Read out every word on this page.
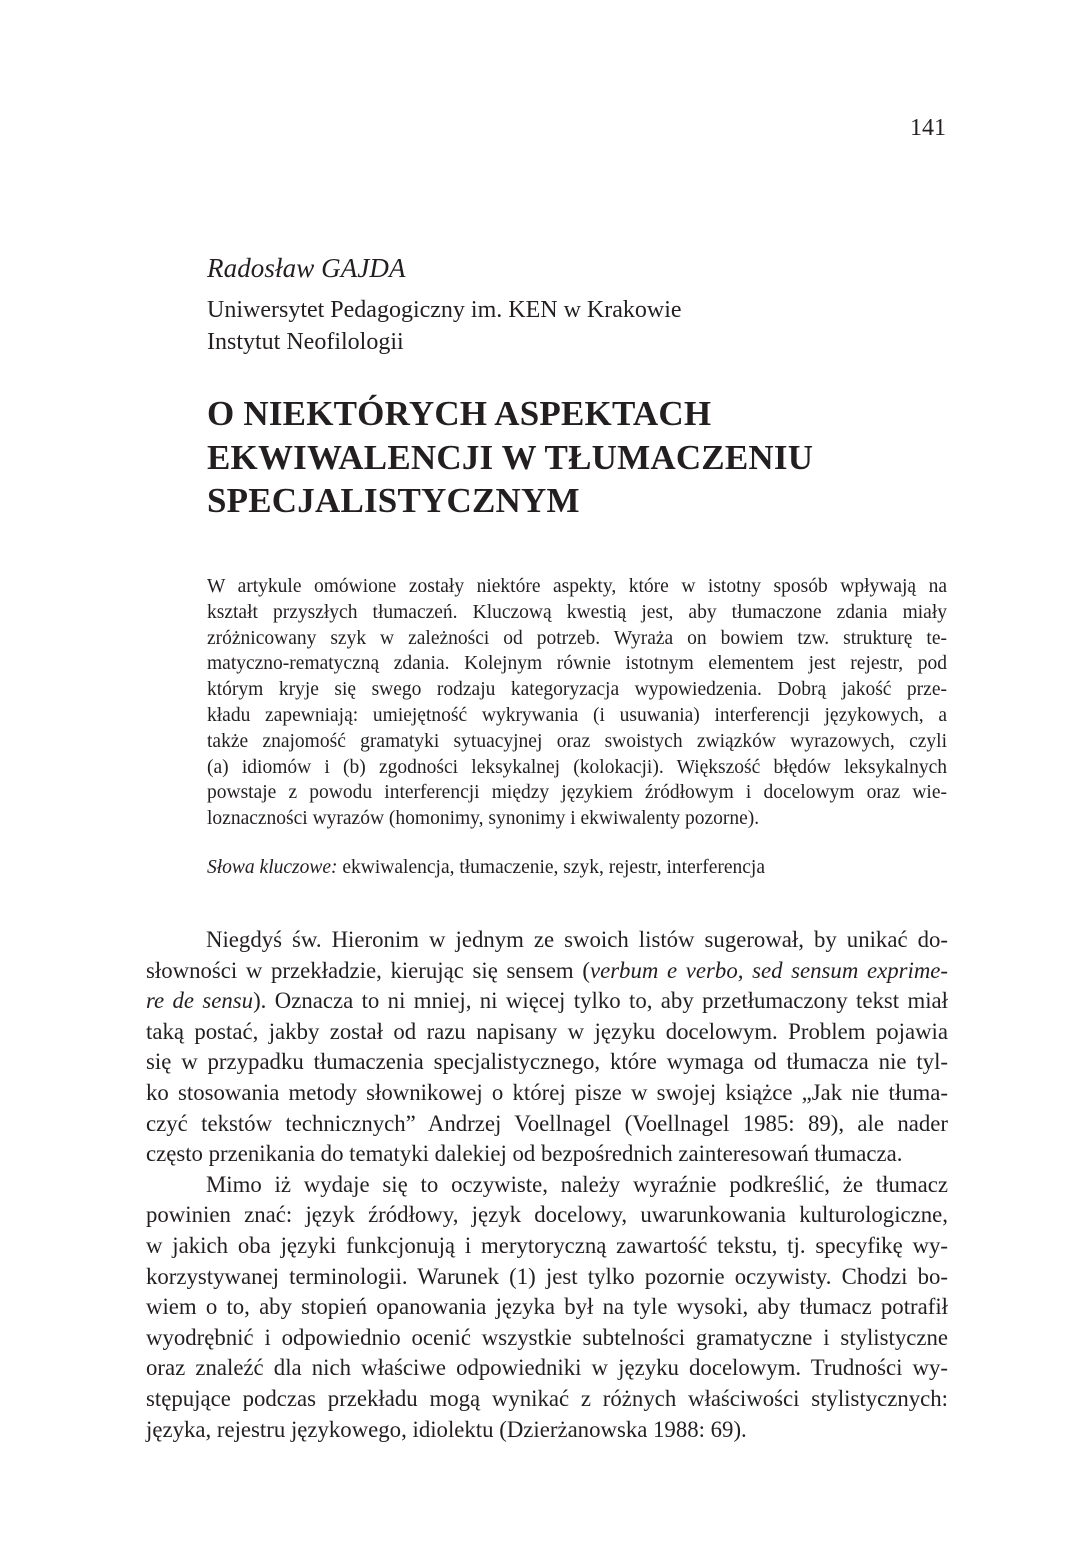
141

Radosław GAJDA

Uniwersytet Pedagogiczny im. KEN w Krakowie

Instytut Neofilologii

O NIEKTÓRYCH ASPEKTACH
EKWIWALENCJI W TŁUMACZENIU
SPECJALISTYCZNYM
W artykule omówione zostały niektóre aspekty, które w istotny sposób wpływają na
kształt przyszłych tłumaczeń. Kluczową kwestią jest, aby tłumaczone zdania miały
zróżnicowany szyk w zależności od potrzeb. Wyraża on bowiem tzw. strukturę te-
matyczno-rematyczną zdania. Kolejnym równie istotnym elementem jest rejestr, pod
którym kryje się swego rodzaju kategoryzacja wypowiedzenia. Dobrą jakość prze-
kładu zapewniają: umiejętność wykrywania (i usuwania) interferencji językowych, a
także znajomość gramatyki sytuacyjnej oraz swoistych związków wyrazowych, czyli
(a) idiomów i (b) zgodności leksykalnej (kolokacji). Większość błędów leksykalnych
powstaje z powodu interferencji między językiem źródłowym i docelowym oraz wie-
loznaczności wyrazów (homonimy, synonimy i ekwiwalenty pozorne).
Słowa kluczowe: ekwiwalencja, tłumaczenie, szyk, rejestr, interferencja
Niegdyś św. Hieronim w jednym ze swoich listów sugerował, by unikać do-
słowności w przekładzie, kierując się sensem (verbum e verbo, sed sensum exprime-
re de sensu). Oznacza to ni mniej, ni więcej tylko to, aby przetłumaczony tekst miał
taką postać, jakby został od razu napisany w języku docelowym. Problem pojawia
się w przypadku tłumaczenia specjalistycznego, które wymaga od tłumacza nie tyl-
ko stosowania metody słownikowej o której pisze w swojej książce „Jak nie tłuma-
czyć tekstów technicznych” Andrzej Voellnagel (Voellnagel 1985: 89), ale nader
często przenikania do tematyki dalekiej od bezpośrednich zainteresowań tłumacza.
Mimo iż wydaje się to oczywiste, należy wyraźnie podkreślić, że tłumacz
powinien znać: język źródłowy, język docelowy, uwarunkowania kulturologiczne,
w jakich oba języki funkcjonują i merytoryczną zawartość tekstu, tj. specyfikę wy-
korzystywanej terminologii. Warunek (1) jest tylko pozornie oczywisty. Chodzi bo-
wiem o to, aby stopień opanowania języka był na tyle wysoki, aby tłumacz potrafił
wyodrębnić i odpowiednio ocenić wszystkie subtelności gramatyczne i stylistyczne
oraz znaleźć dla nich właściwe odpowiedniki w języku docelowym. Trudności wy-
stępujące podczas przekładu mogą wynikać z różnych właściwości stylistycznych:
języka, rejestru językowego, idiolektu (Dzierżanowska 1988: 69).
